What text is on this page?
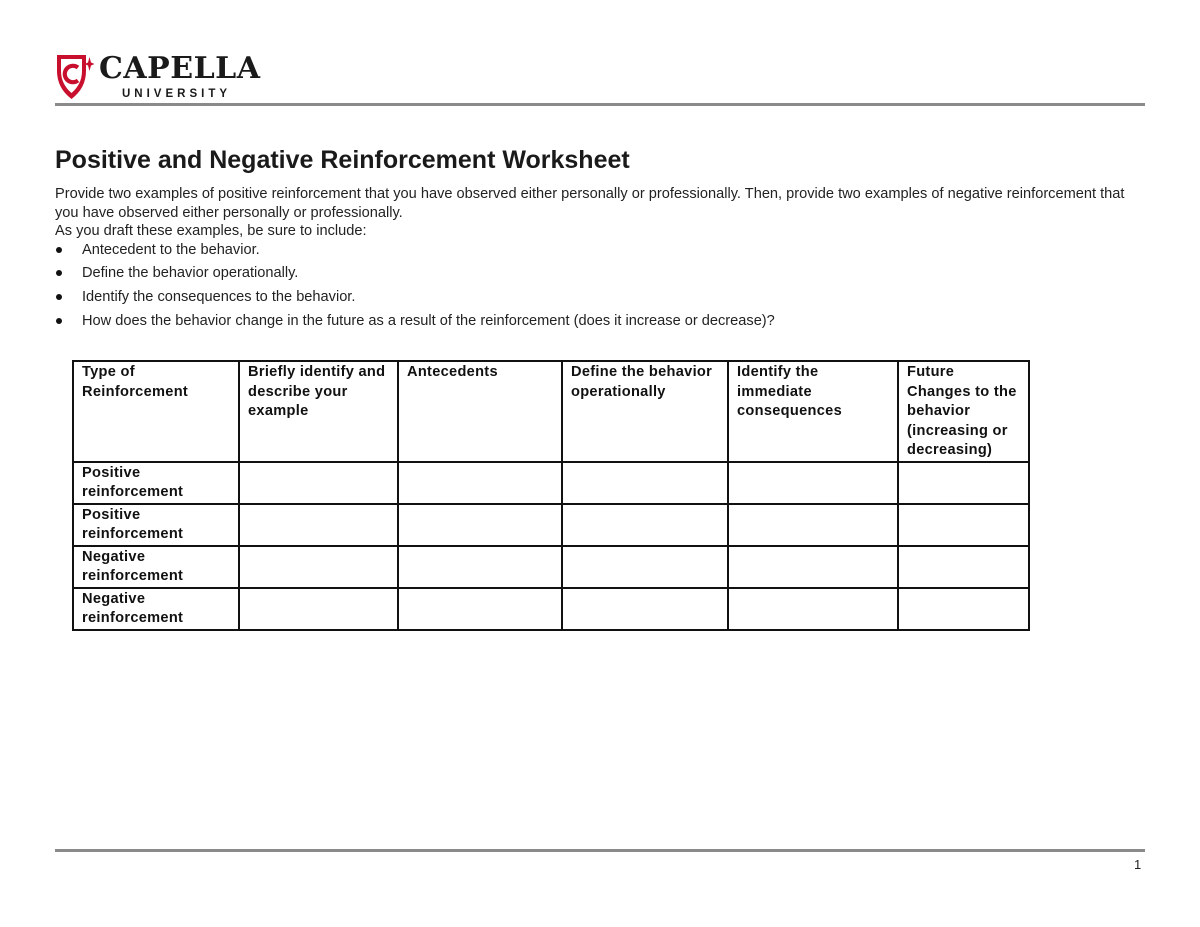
CAPELLA
UNIVERSITY
Positive and Negative Reinforcement Worksheet

Provide two examples of positive reinforcement that you have observed either personally or professionally. Then, provide two examples of negative reinforcement that you have observed either personally or professionally.

As you draft these examples, be sure to include:

Antecedent to the behavior.
Define the behavior operationally.
Identify the consequences to the behavior.
How does the behavior change in the future as a result of the reinforcement (does it increase or decrease)?
Type of Reinforcement	Briefly identify and describe your example	Antecedents	Define the behavior operationally	Identify the immediate consequences	Future Changes to the behavior (increasing or decreasing)
Positive reinforcement					
Positive reinforcement					
Negative reinforcement					
Negative reinforcement					
1
